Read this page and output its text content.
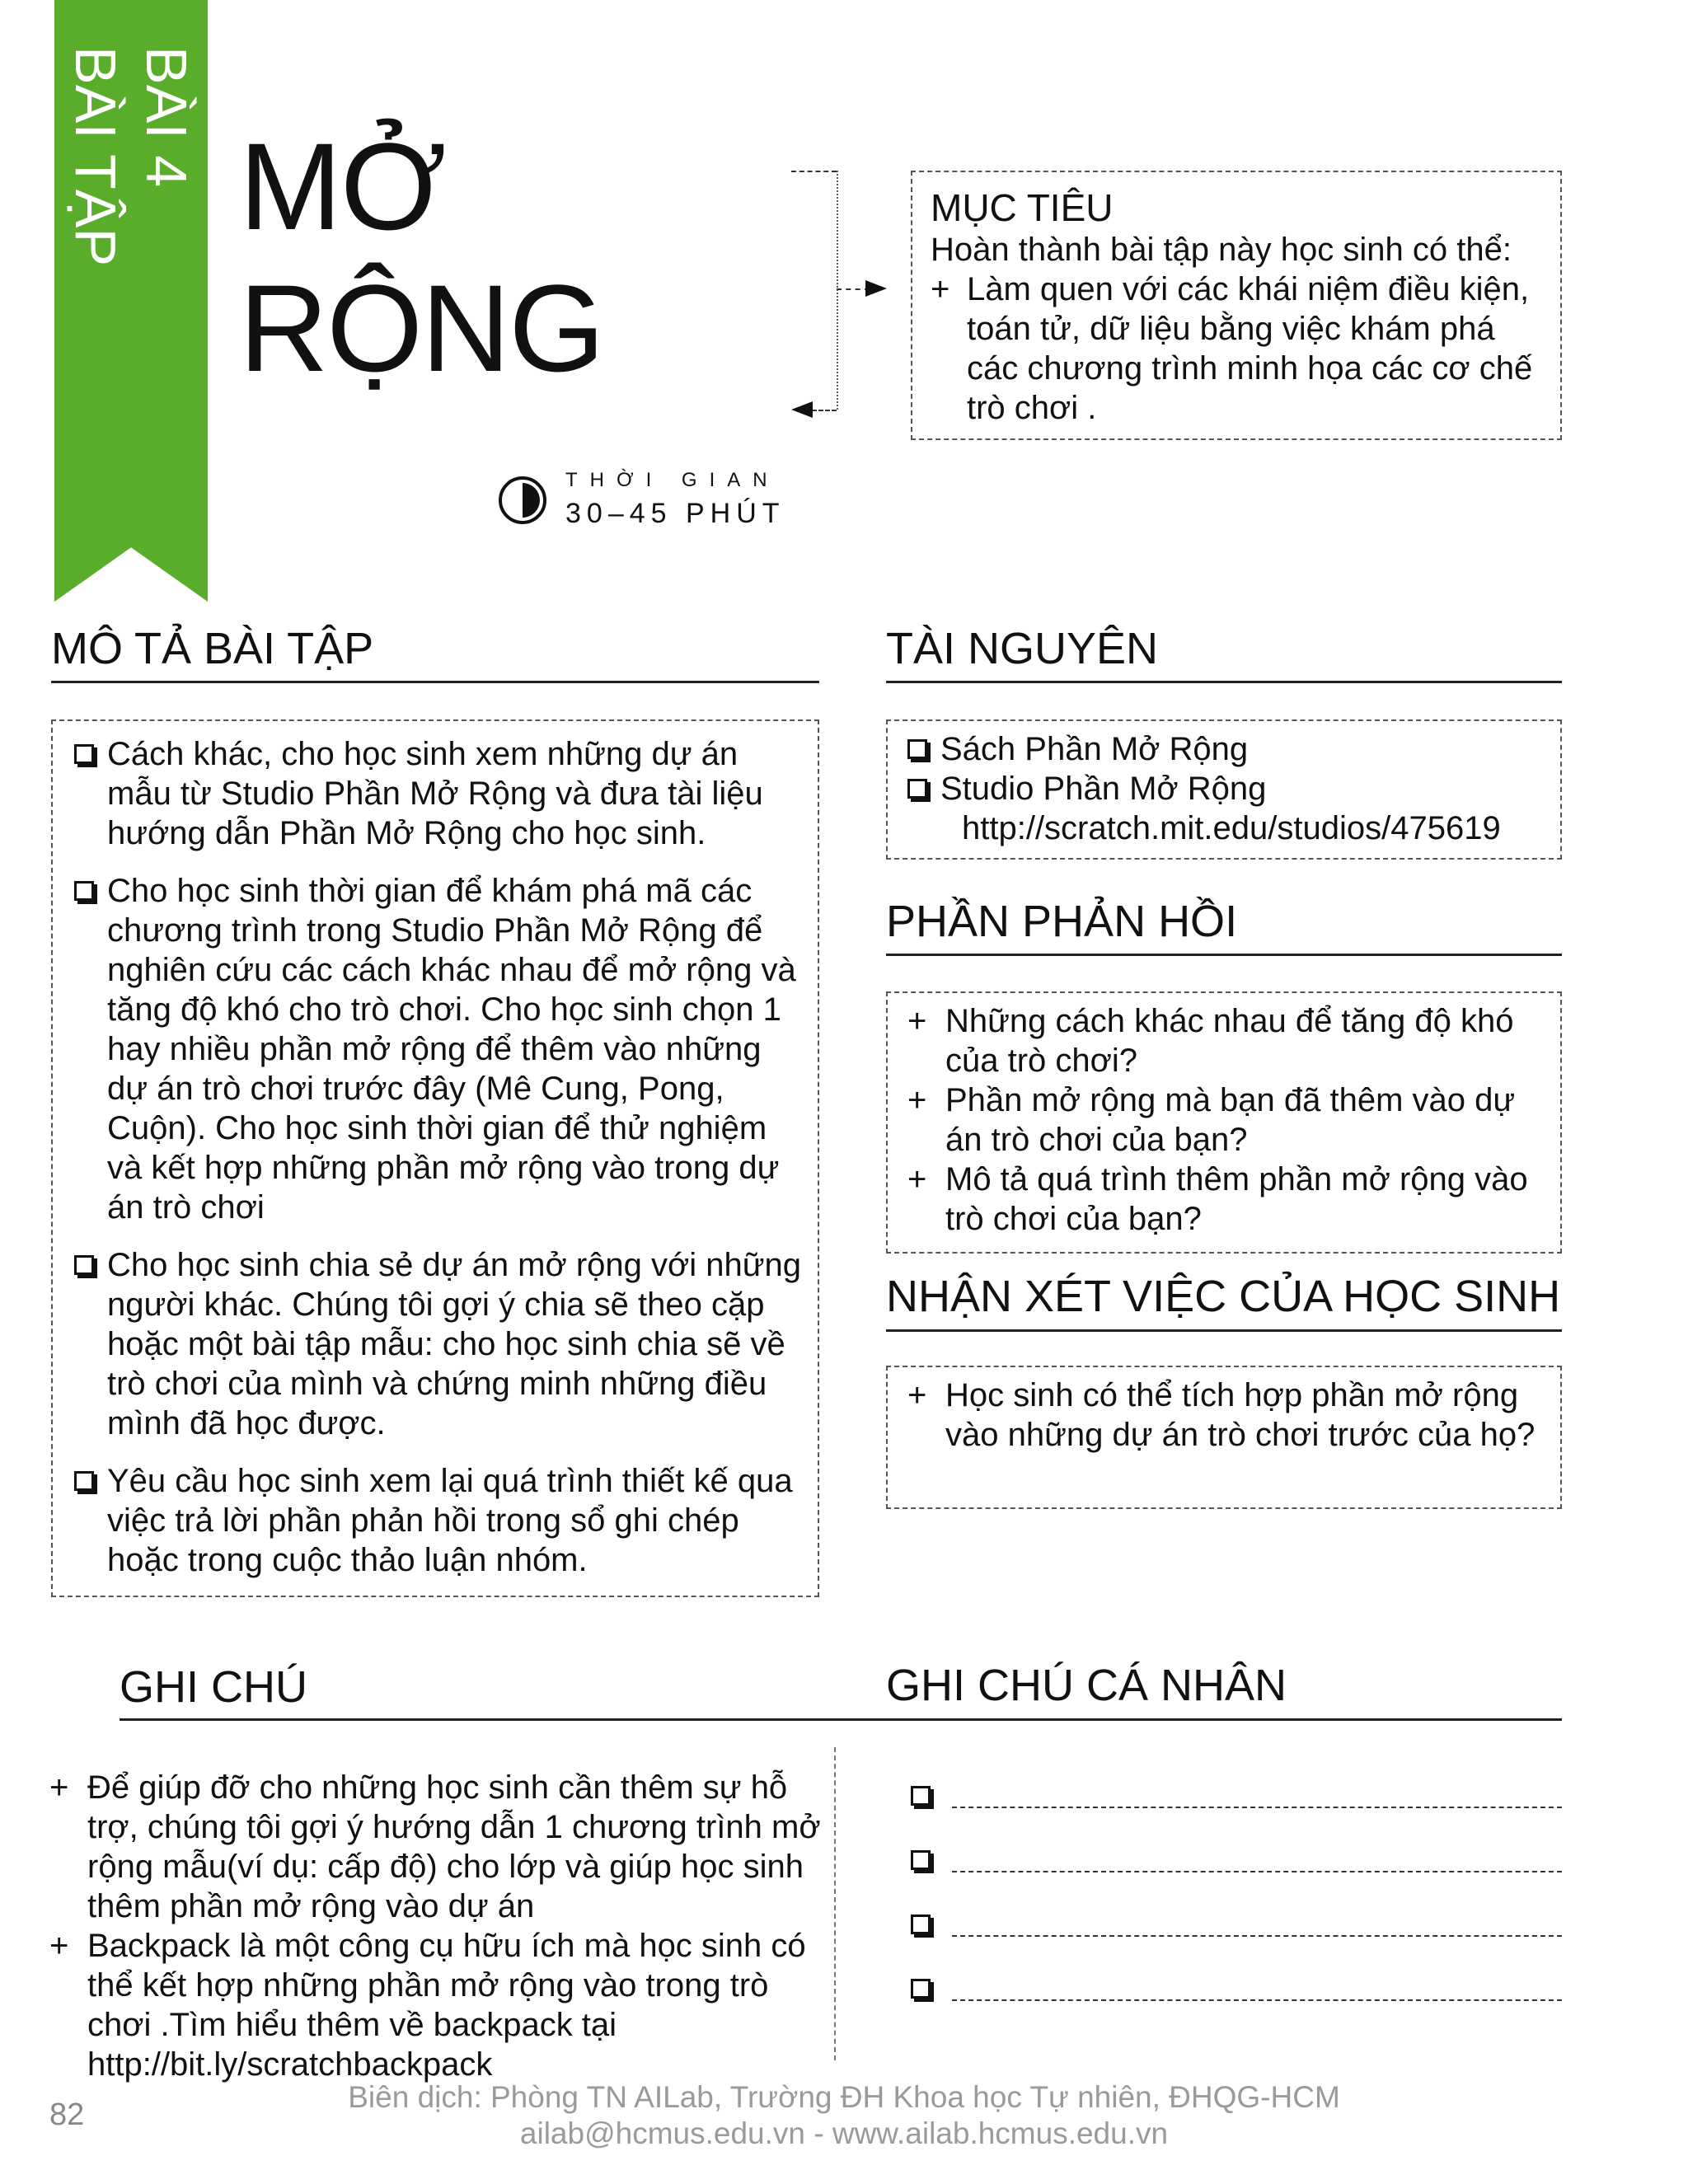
BÀI 4
BÀI TẬP MỞ
RỘNG
MỤC TIÊU
Hoàn thành bài tập này học sinh có thể:
+ Làm quen với các khái niệm điều kiện, toán tử, dữ liệu bằng việc khám phá các chương trình minh họa các cơ chế trò chơi .
THỜI GIAN
30–45 PHÚT
MÔ TẢ BÀI TẬP
Cách khác, cho học sinh xem những dự án mẫu từ Studio Phần Mở Rộng và đưa tài liệu hướng dẫn Phần Mở Rộng cho học sinh.
Cho học sinh thời gian để khám phá mã các chương trình trong Studio Phần Mở Rộng để nghiên cứu các cách khác nhau để mở rộng và tăng độ khó cho trò chơi. Cho học sinh chọn 1 hay nhiều phần mở rộng để thêm vào những dự án trò chơi trước đây (Mê Cung, Pong, Cuộn). Cho học sinh thời gian để thử nghiệm và kết hợp những phần mở rộng vào trong dự án trò chơi
Cho học sinh chia sẻ dự án mở rộng với những người khác. Chúng tôi gợi ý chia sẽ theo cặp hoặc một bài tập mẫu: cho học sinh chia sẽ về trò chơi của mình và chứng minh những điều mình đã học được.
Yêu cầu học sinh xem lại quá trình thiết kế qua việc trả lời phần phản hồi trong sổ ghi chép hoặc trong cuộc thảo luận nhóm.
TÀI NGUYÊN
Sách Phần Mở Rộng
Studio Phần Mở Rộng
http://scratch.mit.edu/studios/475619
PHẦN PHẢN HỒI
+ Những cách khác nhau để tăng độ khó của trò chơi?
+ Phần mở rộng mà bạn đã thêm vào dự án trò chơi của bạn?
+ Mô tả quá trình thêm phần mở rộng vào trò chơi của bạn?
NHẬN XÉT VIỆC CỦA HỌC SINH
+ Học sinh có thể tích hợp phần mở rộng vào những dự án trò chơi trước của họ?
GHI CHÚ	GHI CHÚ CÁ NHÂN
+ Để giúp đỡ cho những học sinh cần thêm sự hỗ trợ, chúng tôi gợi ý hướng dẫn 1 chương trình mở rộng mẫu(ví dụ: cấp độ) cho lớp và giúp học sinh thêm phần mở rộng vào dự án
+ Backpack là một công cụ hữu ích mà học sinh có thể kết hợp những phần mở rộng vào trong trò chơi .Tìm hiểu thêm về backpack tại http://bit.ly/scratchbackpack
82
Biên dịch: Phòng TN AILab, Trường ĐH Khoa học Tự nhiên, ĐHQG-HCM
ailab@hcmus.edu.vn - www.ailab.hcmus.edu.vn
